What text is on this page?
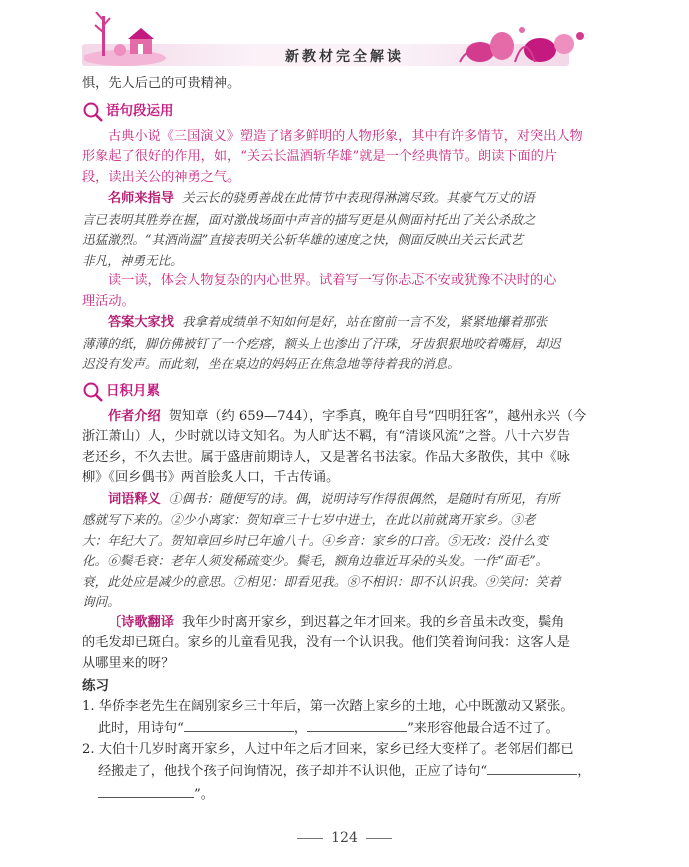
新教材完全解读
惧，先人后己的可贵精神。
语句段运用
古典小说《三国演义》塑造了诸多鲜明的人物形象，其中有许多情节，对突出人物
形象起了很好的作用，如，“关云长温酒斩华雄”就是一个经典情节。朗读下面的片
段，读出关公的神勇之气。
名师来指导 关云长的骁勇善战在此情节中表现得淋漓尽致。其豪气万丈的语
言已表明其胜券在握，面对激战场面中声音的描写更是从侧面衬托出了关公杀敌之
迅猛激烈。“其酒尚温”直接表明关公斩华雄的速度之快，侧面反映出关云长武艺
非凡，神勇无比。
读一读，体会人物复杂的内心世界。试着写一写你忐忑不安或犹豫不决时的心
理活动。
答案大家找 我拿着成绩单不知如何是好，站在窗前一言不发，紧紧地攥着那张
薄薄的纸，脚仿佛被钉了一个疙瘩，额头上也渗出了汗珠，牙齿狠狠地咬着嘴唇，却迟
迟没有发声。而此刻，坐在桌边的妈妈正在焦急地等待着我的消息。
日积月累
作者介绍 贺知章（约 659—744），字季真，晚年自号“四明狂客”，越州永兴（今
浙江萧山）人，少时就以诗文知名。为人旷达不羁，有“清谈风流”之誉。八十六岁告
老还乡，不久去世。属于盛唐前期诗人，又是著名书法家。作品大多散佚，其中《咏
柳》《回乡偶书》两首脍炙人口，千古传诵。
词语释义 ①偶书：随便写的诗。偶，说明诗写作得很偶然，是随时有所见，有所
感就写下来的。②少小离家：贺知章三十七岁中进士，在此以前就离开家乡。③老
大：年纪大了。贺知章回乡时已年逾八十。④乡音：家乡的口音。⑤无改：没什么变
化。⑥鬓毛衰：老年人须发稀疏变少。鬓毛，额角边靠近耳朵的头发。一作“面毛”。
衰，此处应是减少的意思。⑦相见：即看见我。⑧不相识：即不认识我。⑨笑问：笑着
询问。
〔诗歌翻译 我年少时离开家乡，到迟暮之年才回来。我的乡音虽未改变，鬓角
的毛发却已斑白。家乡的儿童看见我，没有一个认识我。他们笑着询问我：这客人是
从哪里来的呀？
练习
1. 华侨李老先生在阔别家乡三十年后，第一次踏上家乡的土地，心中既激动又紧张。
此时，用诗句“	，	”来形容他最合适不过了。
2. 大伯十几岁时离开家乡，人过中年之后才回来，家乡已经大变样了。老邻居们都已
经搬走了，他找个孩子问询情况，孩子却并不认识他，正应了诗句“	，
”。
124
